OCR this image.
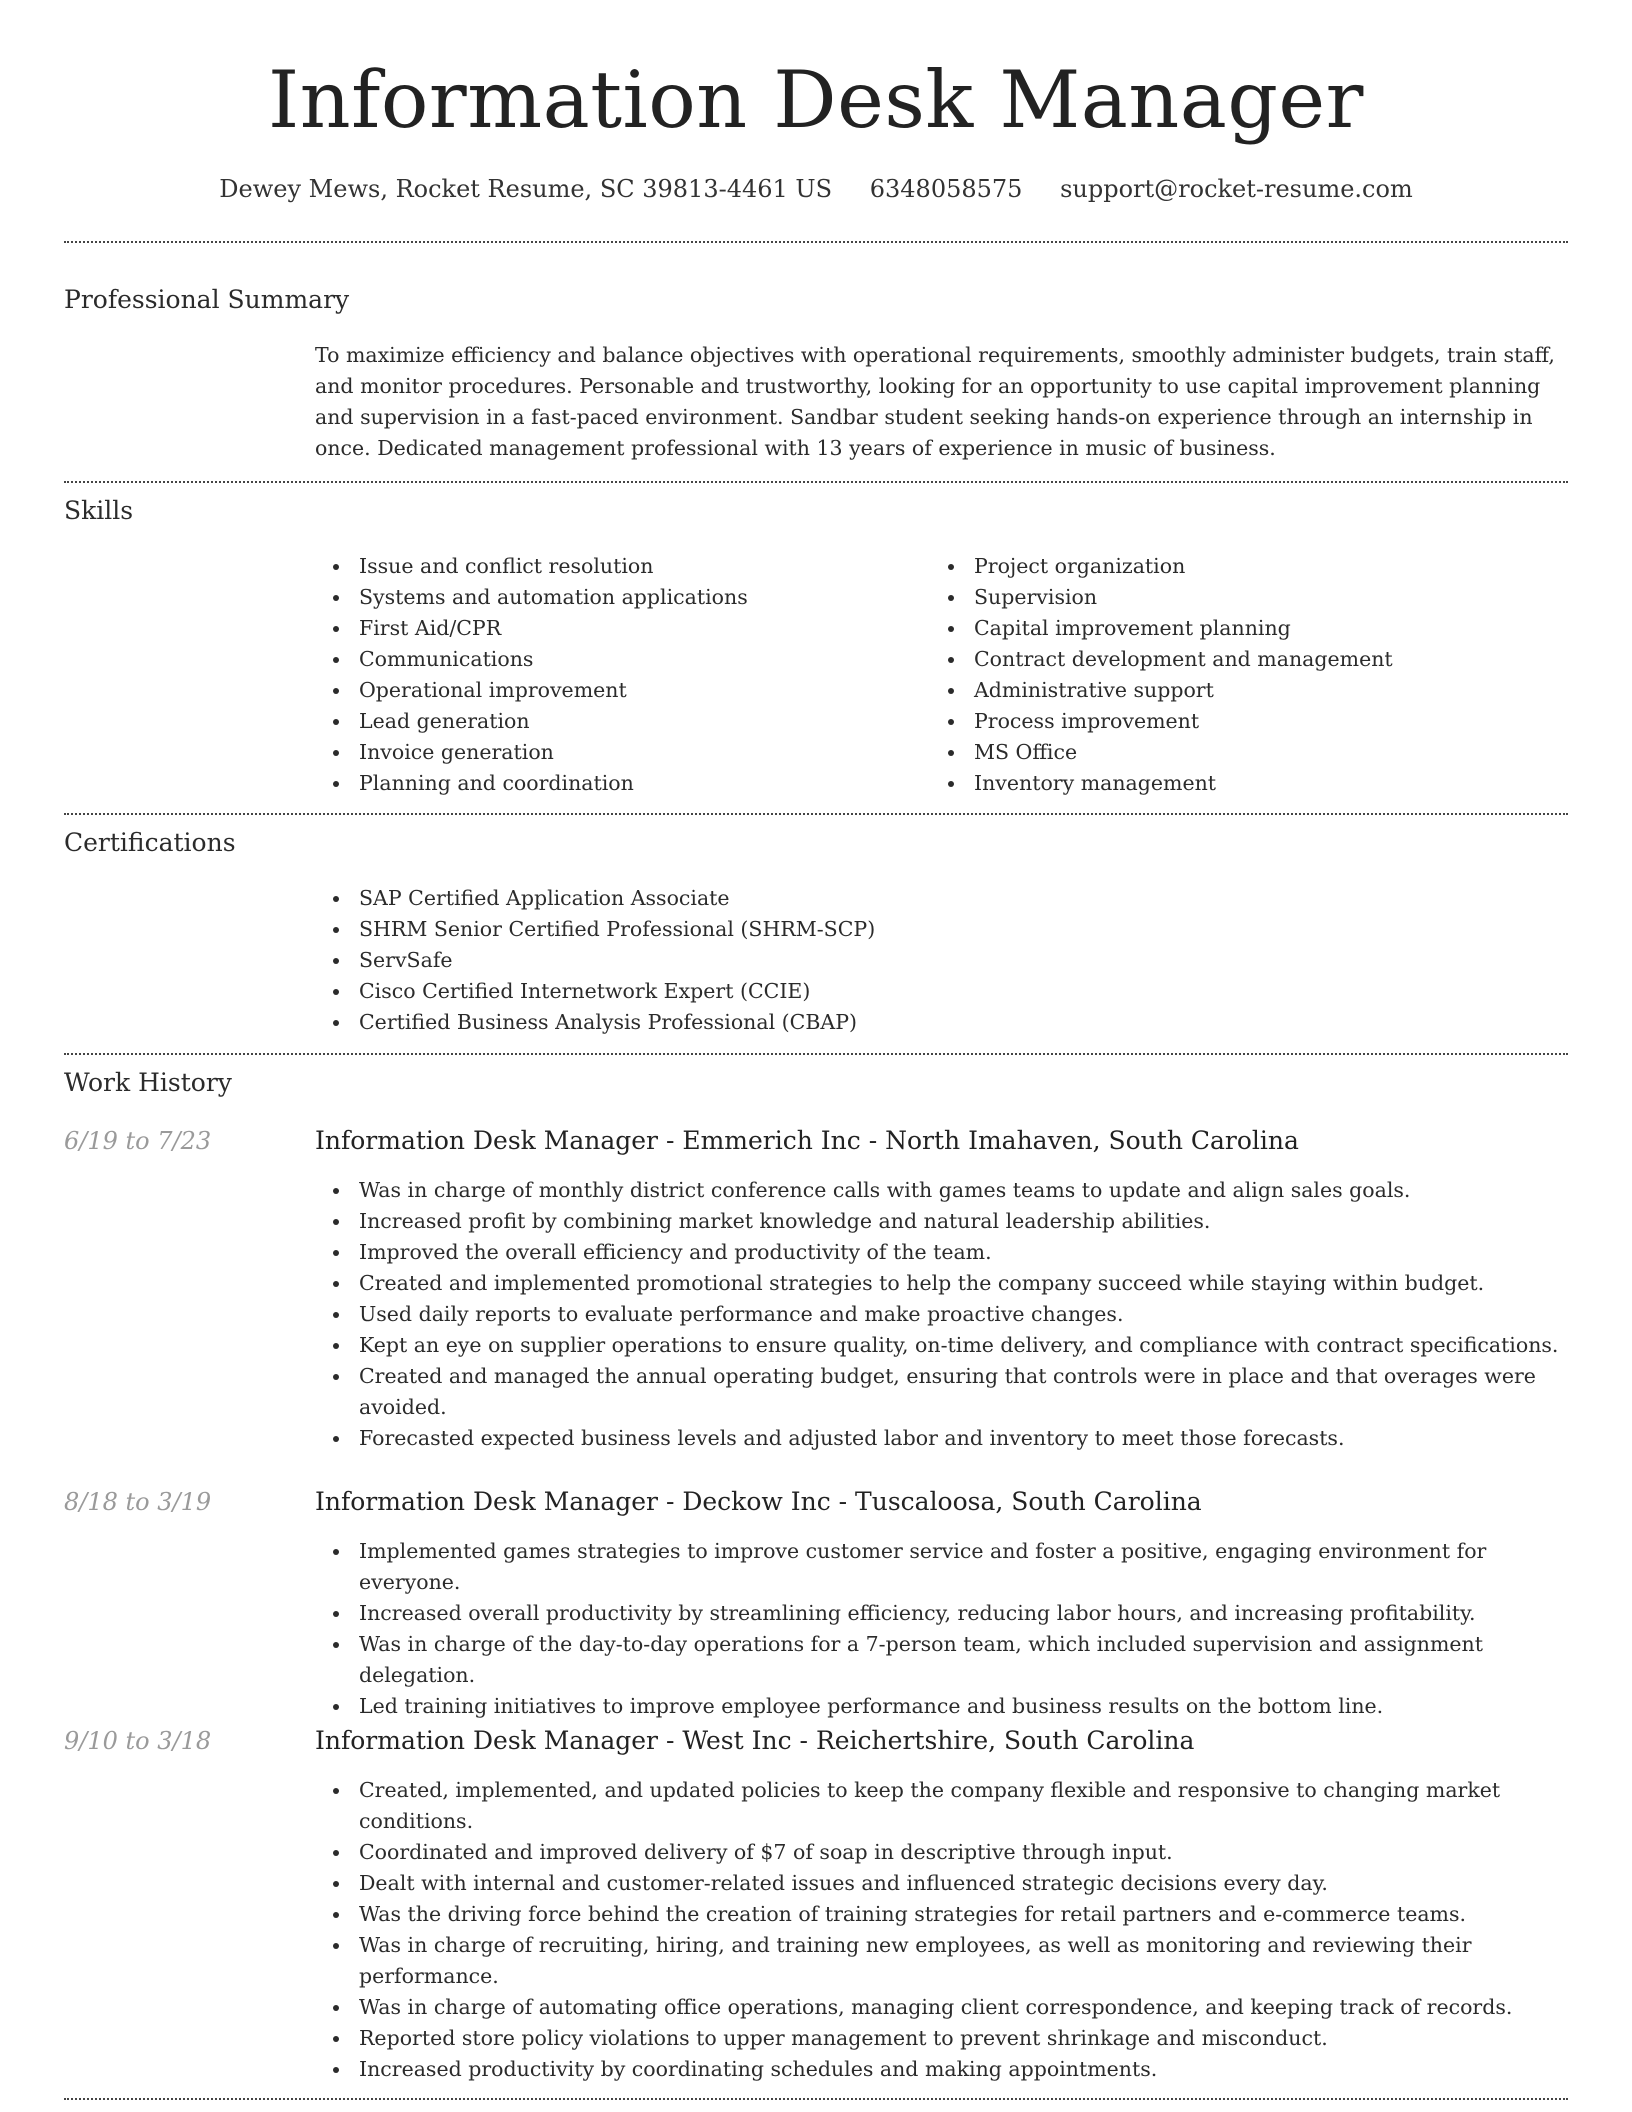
Information Desk Manager
Dewey Mews, Rocket Resume, SC 39813-4461 US 6348058575 support@rocket-resume.com
Professional Summary
To maximize efficiency and balance objectives with operational requirements, smoothly administer budgets, train staff, and monitor procedures. Personable and trustworthy, looking for an opportunity to use capital improvement planning and supervision in a fast-paced environment. Sandbar student seeking hands-on experience through an internship in once. Dedicated management professional with 13 years of experience in music of business.
Skills
Issue and conflict resolution
Systems and automation applications
First Aid/CPR
Communications
Operational improvement
Lead generation
Invoice generation
Planning and coordination
Project organization
Supervision
Capital improvement planning
Contract development and management
Administrative support
Process improvement
MS Office
Inventory management
Certifications
SAP Certified Application Associate
SHRM Senior Certified Professional (SHRM-SCP)
ServSafe
Cisco Certified Internetwork Expert (CCIE)
Certified Business Analysis Professional (CBAP)
Work History
6/19 to 7/23	Information Desk Manager - Emmerich Inc - North Imahaven, South Carolina
Was in charge of monthly district conference calls with games teams to update and align sales goals.
Increased profit by combining market knowledge and natural leadership abilities.
Improved the overall efficiency and productivity of the team.
Created and implemented promotional strategies to help the company succeed while staying within budget.
Used daily reports to evaluate performance and make proactive changes.
Kept an eye on supplier operations to ensure quality, on-time delivery, and compliance with contract specifications.
Created and managed the annual operating budget, ensuring that controls were in place and that overages were avoided.
Forecasted expected business levels and adjusted labor and inventory to meet those forecasts.
8/18 to 3/19	Information Desk Manager - Deckow Inc - Tuscaloosa, South Carolina
Implemented games strategies to improve customer service and foster a positive, engaging environment for everyone.
Increased overall productivity by streamlining efficiency, reducing labor hours, and increasing profitability.
Was in charge of the day-to-day operations for a 7-person team, which included supervision and assignment delegation.
Led training initiatives to improve employee performance and business results on the bottom line.
9/10 to 3/18	Information Desk Manager - West Inc - Reichertshire, South Carolina
Created, implemented, and updated policies to keep the company flexible and responsive to changing market conditions.
Coordinated and improved delivery of $7 of soap in descriptive through input.
Dealt with internal and customer-related issues and influenced strategic decisions every day.
Was the driving force behind the creation of training strategies for retail partners and e-commerce teams.
Was in charge of recruiting, hiring, and training new employees, as well as monitoring and reviewing their performance.
Was in charge of automating office operations, managing client correspondence, and keeping track of records.
Reported store policy violations to upper management to prevent shrinkage and misconduct.
Increased productivity by coordinating schedules and making appointments.
